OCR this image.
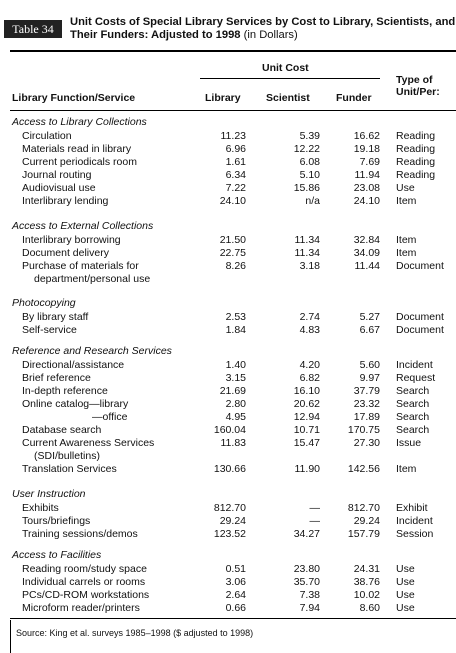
Table 34	Unit Costs of Special Library Services by Cost to Library, Scientists, and Their Funders: Adjusted to 1998 (in Dollars)
Unit Cost
Library Function/Service	Library Scientist Funder
Type of
Unit/Per:
Access to Library Collections
Circulation	11.23	5.39	16.62 Reading
Materials read in library	6.96	12.22	19.18 Reading
Current periodicals room	1.61	6.08	7.69 Reading
Journal routing	6.34	5.10	11.94 Reading
Audiovisual use	7.22	15.86	23.08 Use
Interlibrary lending	24.10	n/a	24.10 Item
Access to External Collections
Interlibrary borrowing	21.50	11.34	32.84 Item
Document delivery	22.75	11.34	34.09 Item
Purchase of materials for	8.26	3.18	11.44 Document
department/personal use
Photocopying
By library staff	2.53	2.74	5.27 Document
Self-service	1.84	4.83	6.67 Document
Reference and Research Services
Directional/assistance	1.40	4.20	5.60 Incident
Brief reference	3.15	6.82	9.97 Request
In-depth reference	21.69	16.10	37.79 Search
Online catalog—library	2.80	20.62	23.32 Search
—office	4.95	12.94	17.89 Search
Database search	160.04	10.71	170.75 Search
Current Awareness Services	11.83	15.47	27.30 Issue
(SDI/bulletins)
Translation Services	130.66	11.90	142.56 Item
User Instruction
Exhibits	812.70	—	812.70 Exhibit
Tours/briefings	29.24	—	29.24 Incident
Training sessions/demos	123.52	34.27	157.79 Session
Access to Facilities
Reading room/study space	0.51	23.80	24.31 Use
Individual carrels or rooms	3.06	35.70	38.76 Use
PCs/CD-ROM workstations	2.64	7.38	10.02 Use
Microform reader/printers	0.66	7.94	8.60 Use
Source: King et al. surveys 1985–1998 ($ adjusted to 1998)
